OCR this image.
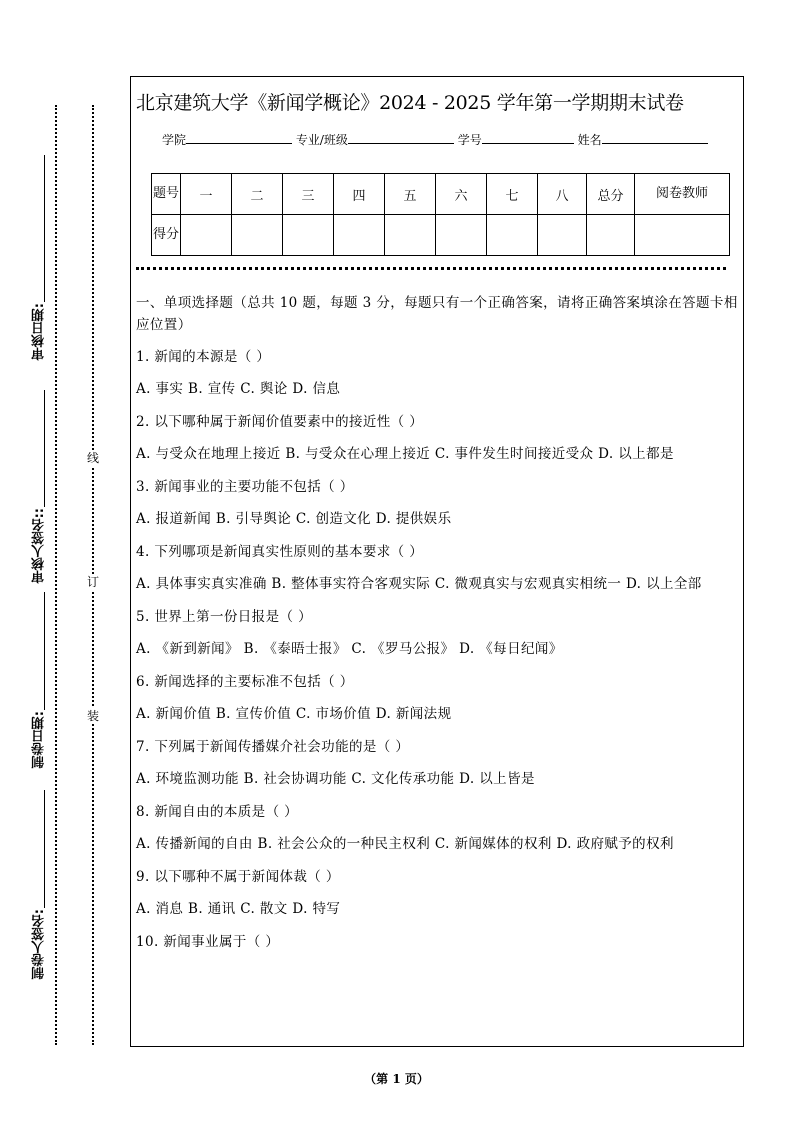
审核日期:
审核人签名::
制卷日期:
制卷人签名:
线
订
装
北京建筑大学《新闻学概论》2024 - 2025 学年第一学期期末试卷
学院	专业/班级	学号	姓名
题号	一	二	三	四	五	六	七	八	总分	阅卷教师
得分										
一、单项选择题（总共 10 题，每题 3 分，每题只有一个正确答案，请将正确答案填涂在答题卡相应位置）
1. 新闻的本源是（ ）
A. 事实 B. 宣传 C. 舆论 D. 信息
2. 以下哪种属于新闻价值要素中的接近性（ ）
A. 与受众在地理上接近 B. 与受众在心理上接近 C. 事件发生时间接近受众 D. 以上都是
3. 新闻事业的主要功能不包括（ ）
A. 报道新闻 B. 引导舆论 C. 创造文化 D. 提供娱乐
4. 下列哪项是新闻真实性原则的基本要求（ ）
A. 具体事实真实准确 B. 整体事实符合客观实际 C. 微观真实与宏观真实相统一 D. 以上全部
5. 世界上第一份日报是（ ）
A. 《新到新闻》 B. 《泰晤士报》 C. 《罗马公报》 D. 《每日纪闻》
6. 新闻选择的主要标准不包括（ ）
A. 新闻价值 B. 宣传价值 C. 市场价值 D. 新闻法规
7. 下列属于新闻传播媒介社会功能的是（ ）
A. 环境监测功能 B. 社会协调功能 C. 文化传承功能 D. 以上皆是
8. 新闻自由的本质是（ ）
A. 传播新闻的自由 B. 社会公众的一种民主权利 C. 新闻媒体的权利 D. 政府赋予的权利
9. 以下哪种不属于新闻体裁（ ）
A. 消息 B. 通讯 C. 散文 D. 特写
10. 新闻事业属于（ ）
（第 1 页）
